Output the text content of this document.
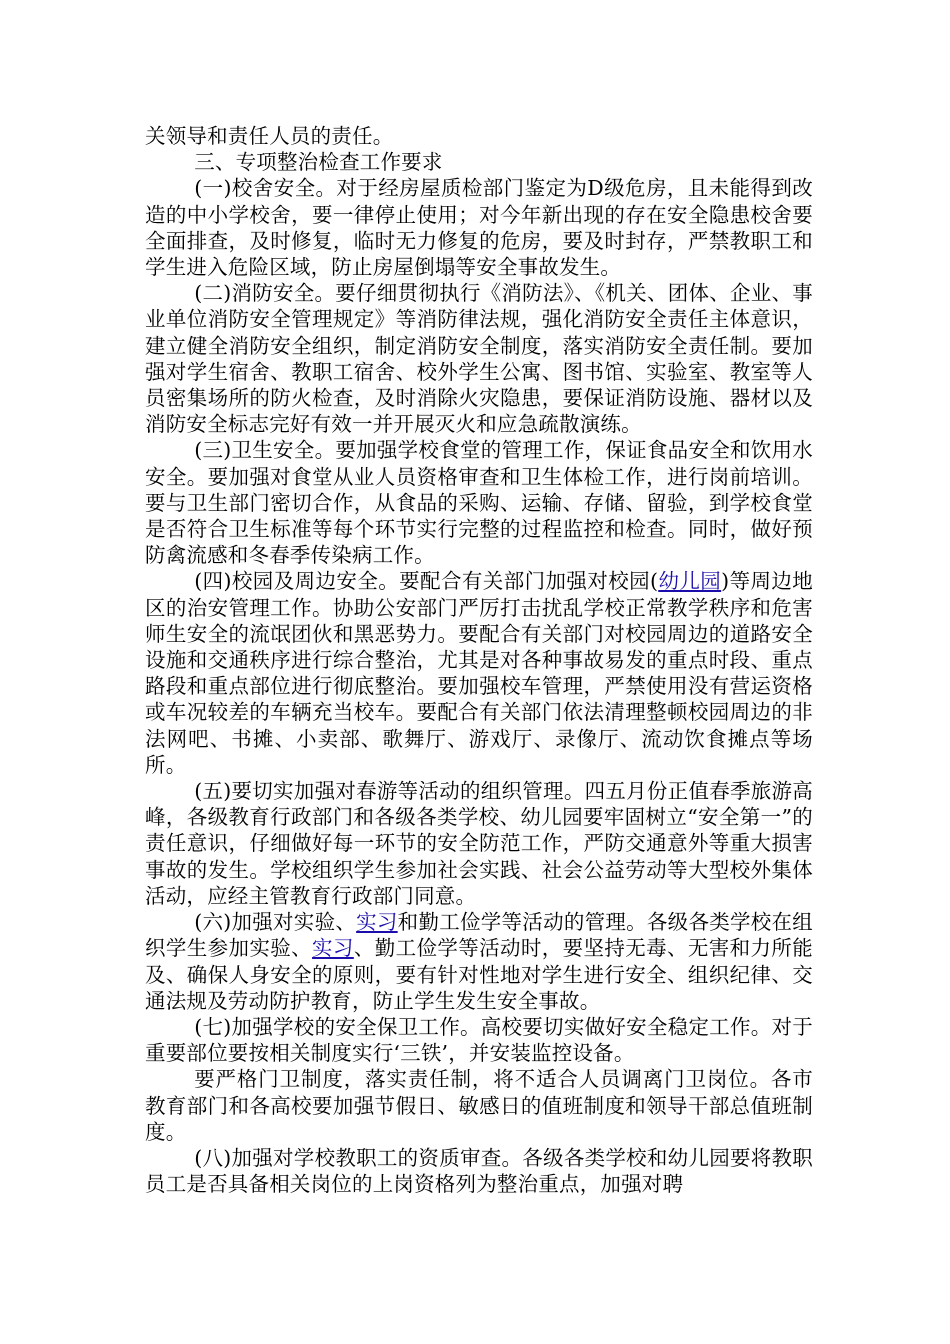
关领导和责任人员的责任。

三、专项整治检查工作要求

(一)校舍安全。对于经房屋质检部门鉴定为D级危房，且未能得到改造的中小学校舍，要一律停止使用；对今年新出现的存在安全隐患校舍要全面排查，及时修复，临时无力修复的危房，要及时封存，严禁教职工和学生进入危险区域，防止房屋倒塌等安全事故发生。

(二)消防安全。要仔细贯彻执行《消防法》、《机关、团体、企业、事业单位消防安全管理规定》等消防律法规，强化消防安全责任主体意识，建立健全消防安全组织，制定消防安全制度，落实消防安全责任制。要加强对学生宿舍、教职工宿舍、校外学生公寓、图书馆、实验室、教室等人员密集场所的防火检查，及时消除火灾隐患，要保证消防设施、器材以及消防安全标志完好有效一并开展灭火和应急疏散演练。

(三)卫生安全。要加强学校食堂的管理工作，保证食品安全和饮用水安全。要加强对食堂从业人员资格审查和卫生体检工作，进行岗前培训。要与卫生部门密切合作，从食品的采购、运输、存储、留验，到学校食堂是否符合卫生标准等每个环节实行完整的过程监控和检查。同时，做好预防禽流感和冬春季传染病工作。

(四)校园及周边安全。要配合有关部门加强对校园(幼儿园)等周边地区的治安管理工作。协助公安部门严厉打击扰乱学校正常教学秩序和危害师生安全的流氓团伙和黑恶势力。要配合有关部门对校园周边的道路安全设施和交通秩序进行综合整治，尤其是对各种事故易发的重点时段、重点路段和重点部位进行彻底整治。要加强校车管理，严禁使用没有营运资格或车况较差的车辆充当校车。要配合有关部门依法清理整顿校园周边的非法网吧、书摊、小卖部、歌舞厅、游戏厅、录像厅、流动饮食摊点等场所。

(五)要切实加强对春游等活动的组织管理。四五月份正值春季旅游高峰，各级教育行政部门和各级各类学校、幼儿园要牢固树立“安全第一”的责任意识，仔细做好每一环节的安全防范工作，严防交通意外等重大损害事故的发生。学校组织学生参加社会实践、社会公益劳动等大型校外集体活动，应经主管教育行政部门同意。

(六)加强对实验、实习和勤工俭学等活动的管理。各级各类学校在组织学生参加实验、实习、勤工俭学等活动时，要坚持无毒、无害和力所能及、确保人身安全的原则，要有针对性地对学生进行安全、组织纪律、交通法规及劳动防护教育，防止学生发生安全事故。

(七)加强学校的安全保卫工作。高校要切实做好安全稳定工作。对于重要部位要按相关制度实行‘三铁’，并安装监控设备。

要严格门卫制度，落实责任制，将不适合人员调离门卫岗位。各市教育部门和各高校要加强节假日、敏感日的值班制度和领导干部总值班制度。

(八)加强对学校教职工的资质审查。各级各类学校和幼儿园要将教职员工是否具备相关岗位的上岗资格列为整治重点，加强对聘
